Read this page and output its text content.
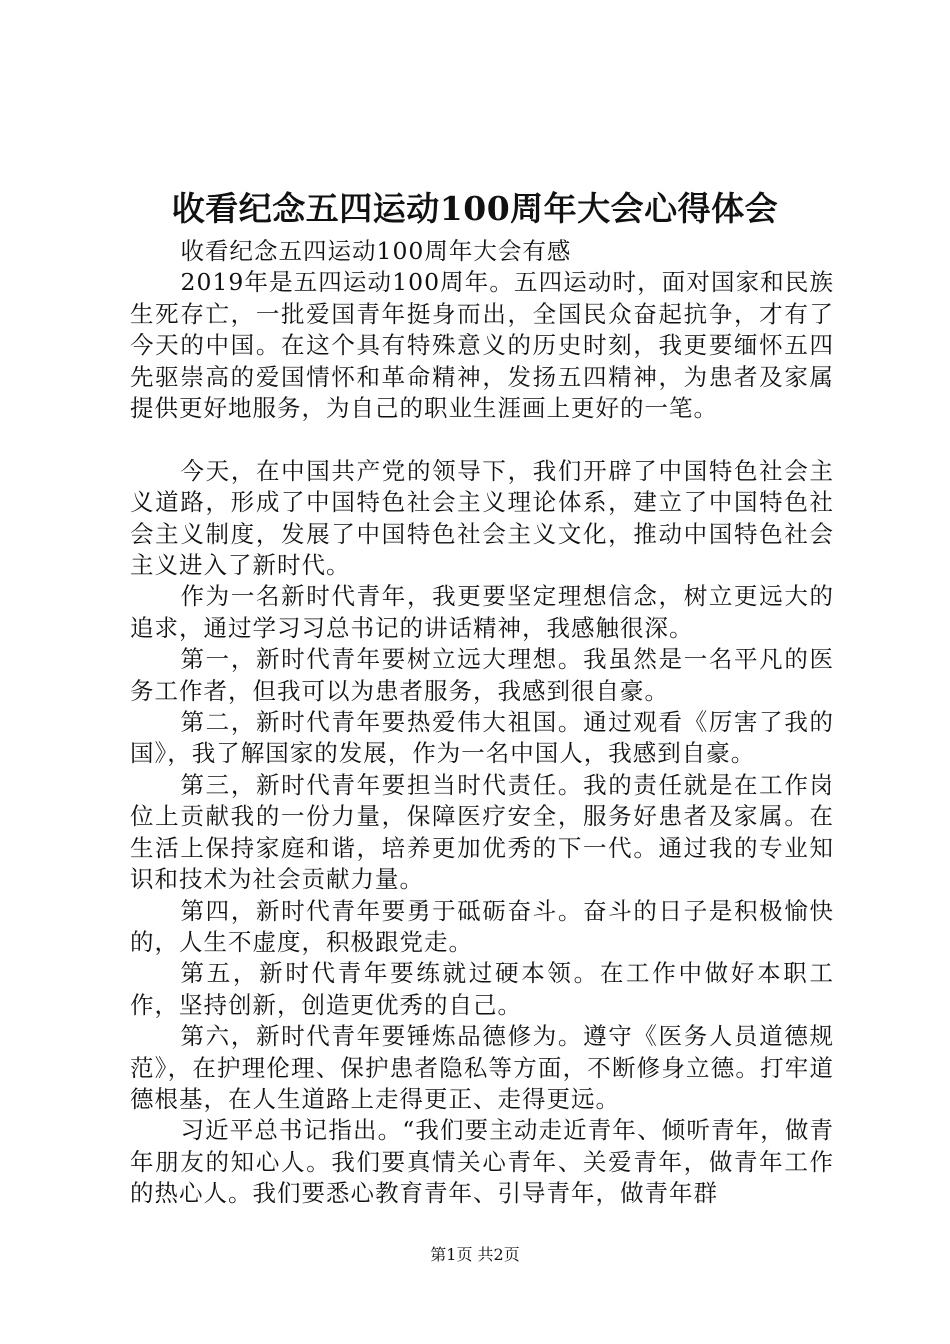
收看纪念五四运动100周年大会心得体会

收看纪念五四运动100周年大会有感

2019年是五四运动100周年。五四运动时，面对国家和民族生死存亡，一批爱国青年挺身而出，全国民众奋起抗争，才有了今天的中国。在这个具有特殊意义的历史时刻，我更要缅怀五四先驱崇高的爱国情怀和革命精神，发扬五四精神，为患者及家属提供更好地服务，为自己的职业生涯画上更好的一笔。

今天，在中国共产党的领导下，我们开辟了中国特色社会主义道路，形成了中国特色社会主义理论体系，建立了中国特色社会主义制度，发展了中国特色社会主义文化，推动中国特色社会主义进入了新时代。

作为一名新时代青年，我更要坚定理想信念，树立更远大的追求，通过学习习总书记的讲话精神，我感触很深。

第一，新时代青年要树立远大理想。我虽然是一名平凡的医务工作者，但我可以为患者服务，我感到很自豪。

第二，新时代青年要热爱伟大祖国。通过观看《厉害了我的国》，我了解国家的发展，作为一名中国人，我感到自豪。

第三，新时代青年要担当时代责任。我的责任就是在工作岗位上贡献我的一份力量，保障医疗安全，服务好患者及家属。在生活上保持家庭和谐，培养更加优秀的下一代。通过我的专业知识和技术为社会贡献力量。

第四，新时代青年要勇于砥砺奋斗。奋斗的日子是积极愉快的，人生不虚度，积极跟党走。

第五，新时代青年要练就过硬本领。在工作中做好本职工作，坚持创新，创造更优秀的自己。

第六，新时代青年要锤炼品德修为。遵守《医务人员道德规范》，在护理伦理、保护患者隐私等方面，不断修身立德。打牢道德根基，在人生道路上走得更正、走得更远。

习近平总书记指出。“我们要主动走近青年、倾听青年，做青年朋友的知心人。我们要真情关心青年、关爱青年，做青年工作的热心人。我们要悉心教育青年、引导青年，做青年群

第1页 共2页
